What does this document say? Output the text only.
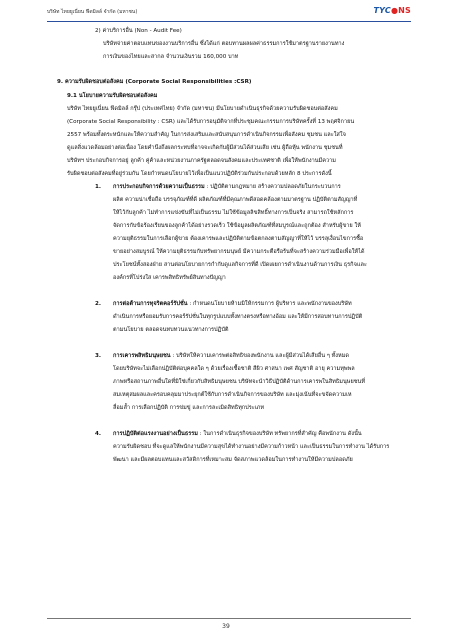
บริษัท ไทยยูเนี่ยน ฟีดมิลล์ จำกัด (มหาชน)	TYC●NS
2) ค่าบริการอื่น (Non - Audit Fee)
บริษัทจ่ายค่าตอบแทนของงานบริการอื่น ซึ่งได้แก่ ตอบทานผลผลค่าธรรมการใช้มาตรฐานรายงานทาง
การเงินของไทยและสากล จำนวนเงินรวม 160,000 บาท
9. ความรับผิดชอบต่อสังคม (Corporate Social Responsibilities :CSR)
9.1 นโยบายความรับผิดชอบต่อสังคม
บริษัท ไทยยูเนี่ยน ฟีดมิลล์ กรุ๊ป (ประเทศไทย) จำกัด (มหาชน) มีนโยบายดำเนินธุรกิจด้วยความรับผิดชอบต่อสังคม
(Corporate Social Responsibility : CSR) และได้รับการอนุมัติจากที่ประชุมคณะกรรมการบริษัทครั้งที่ 13 พฤศจิกายน
2557 พร้อมทั้งตระหนักและให้ความสำคัญ ในการส่งเสริมและสนับสนุนการดำเนินกิจกรรมเพื่อสังคม ชุมชน และใส่ใจ
ดูแลสิ่งแวดล้อมอย่างต่อเนื่อง โดยคำนึงถึงผลกระทบที่อาจจะเกิดกับผู้มีส่วนได้ส่วนเสีย เช่น ผู้ถือหุ้น พนักงาน ชุมชนที่
บริษัทฯ ประกอบกิจการอยู่ ลูกค้า คู่ค้าและหน่วยงานภาครัฐตลอดจนสังคมและประเทศชาติ เพื่อให้พนักงานมีความ
รับผิดชอบต่อสังคมที่อยู่ร่วมกัน โดยกำหนดนโยบายไว้เพื่อเป็นแนวปฏิบัติร่วมกันประกอบด้วยหลัก 8 ประการดังนี้
1. การประกอบกิจการด้วยความเป็นธรรม : ปฏิบัติตามกฎหมาย สร้างความปลอดภัยในกระบวนการ
ผลิต ความน่าเชื่อถือ บรรจุภัณฑ์ที่ดี ผลิตภัณฑ์ที่มีคุณภาพดีสอดคล้องตามมาตรฐาน ปฏิบัติตามสัญญาที่
ให้ไว้กับลูกค้า ไม่ทำการแข่งขันที่ไม่เป็นธรรม ไม่ใช้ข้อมูลลิขสิทธิ์ทางการเป็นจริง สามารถใช้หลักการ
จัดการกับข้อร้องเรียนของลูกค้าได้อย่างรวดเร็ว ใช้ข้อมูลผลิตภัณฑ์ที่สมบูรณ์และถูกต้อง สำหรับผู้ขาย ให้
ความยุติธรรมในการเลือกผู้ขาย ต้องเคารพและปฏิบัติตามข้อตกลงตามสัญญาที่ให้ไว้ บรรลุเงื่อนไขการซื้อ
ขายอย่างสมบูรณ์ ให้ความยุติธรรมกับทรัพยากรมนุษย์ มีความกระตือรือร้นที่จะสร้างความร่วมมือเพื่อให้ได้
ประโยชน์ทั้งสองฝ่าย สานต่อนโยบายการกำกับดูแลกิจการที่ดี เปิดเผยการดำเนินงานด้านการเงิน ธุรกิจและ
องค์กรที่โปร่งใส เคารพสิทธิทรัพย์สินทางปัญญา
2. การต่อต้านการทุจริตคอร์รัปชั่น : กำหนดนโยบายห้ามมิให้กรรมการ ผู้บริหาร และพนักงานของบริษัท
ดำเนินการหรือยอมรับการคอร์รัปชั่นในทุกรูปแบบทั้งทางตรงหรือทางอ้อม และให้มีการสอบทานการปฏิบัติ
ตามนโยบาย ตลอดจนทบทวนแนวทางการปฏิบัติ
3. การเคารพสิทธิมนุษยชน : บริษัทให้ความเคารพต่อสิทธิของพนักงาน และผู้มีส่วนได้เสียอื่น ๆ ทั้งหมด
โดยบริษัทจะไม่เลือกปฏิบัติต่อบุคคลใด ๆ ด้วยเรื่องเชื้อชาติ สีผิว ศาสนา เพศ สัญชาติ อายุ ความทุพพล
ภาพหรือสถานภาพอื่นใดที่มิใช่เกี่ยวกับสิทธิมนุษยชน บริษัทจะนำวิธีปฏิบัติด้านการเคารพในสิทธิมนุษยชนที่
สมเหตุสมผลและครอบคลุมมาประยุกต์ใช้กับการดำเนินกิจการของบริษัท และมุ่งเน้นที่จะขจัดความเห
ลื่อมล้ำ การเลือกปฏิบัติ การข่มขู่ และการละเมิดสิทธิทุกประเภท
4. การปฏิบัติต่อแรงงานอย่างเป็นธรรม : ในการดำเนินธุรกิจของบริษัท ทรัพยากรที่สำคัญ คือพนักงาน ดังนั้น
ความรับผิดชอบ ที่จะดูแลให้พนักงานมีความสุขได้ทำงานอย่างมีความก้าวหน้า และเป็นธรรมในการทำงาน ได้รับการ
พัฒนา และมีผลตอบแทนและสวัสดิการที่เหมาะสม จัดสภาพแวดล้อมในการทำงานให้มีความปลอดภัย
39
